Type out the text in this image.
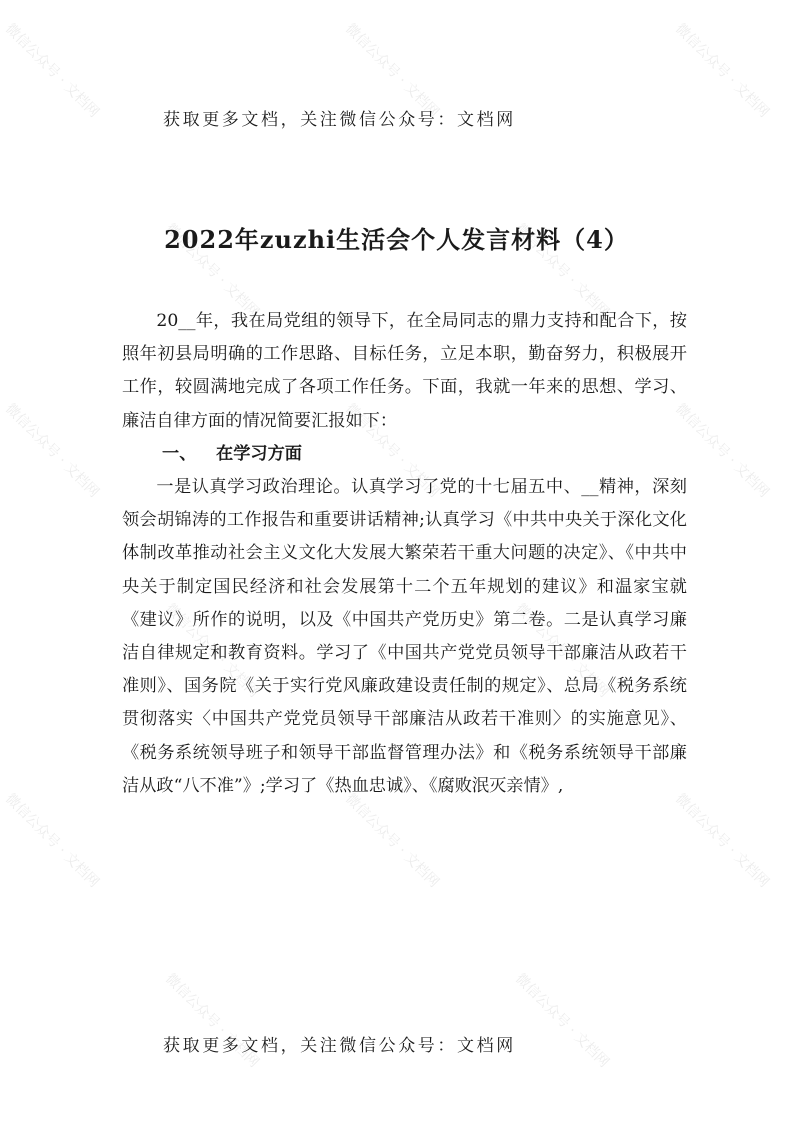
微信公众号 · 文档网	微信公众号 · 文档网	微信公众号 · 文档网
微信公众号 · 文档网	微信公众号 · 文档网
微信公众号 · 文档网	微信公众号 · 文档网	微信公众号 · 文档网
微信公众号 · 文档网	微信公众号 · 文档网
微信公众号 · 文档网	微信公众号 · 文档网	微信公众号 · 文档网
微信公众号 · 文档网	微信公众号 · 文档网
获取更多文档，关注微信公众号：文档网
2022年zuzhi生活会个人发言材料（4）

20__年，我在局党组的领导下，在全局同志的鼎力支持和配合下，按照年初县局明确的工作思路、目标任务，立足本职，勤奋努力，积极展开工作，较圆满地完成了各项工作任务。下面，我就一年来的思想、学习、廉洁自律方面的情况简要汇报如下：

一、 在学习方面

一是认真学习政治理论。认真学习了党的十七届五中、__精神，深刻领会胡锦涛的工作报告和重要讲话精神;认真学习《中共中央关于深化文化体制改革推动社会主义文化大发展大繁荣若干重大问题的决定》、《中共中央关于制定国民经济和社会发展第十二个五年规划的建议》和温家宝就《建议》所作的说明，以及《中国共产党历史》第二卷。二是认真学习廉洁自律规定和教育资料。学习了《中国共产党党员领导干部廉洁从政若干准则》、国务院《关于实行党风廉政建设责任制的规定》、总局《税务系统贯彻落实〈中国共产党党员领导干部廉洁从政若干准则〉的实施意见》、《税务系统领导班子和领导干部监督管理办法》和《税务系统领导干部廉洁从政“八不准”》;学习了《热血忠诚》、《腐败泯灭亲情》,

获取更多文档，关注微信公众号：文档网
